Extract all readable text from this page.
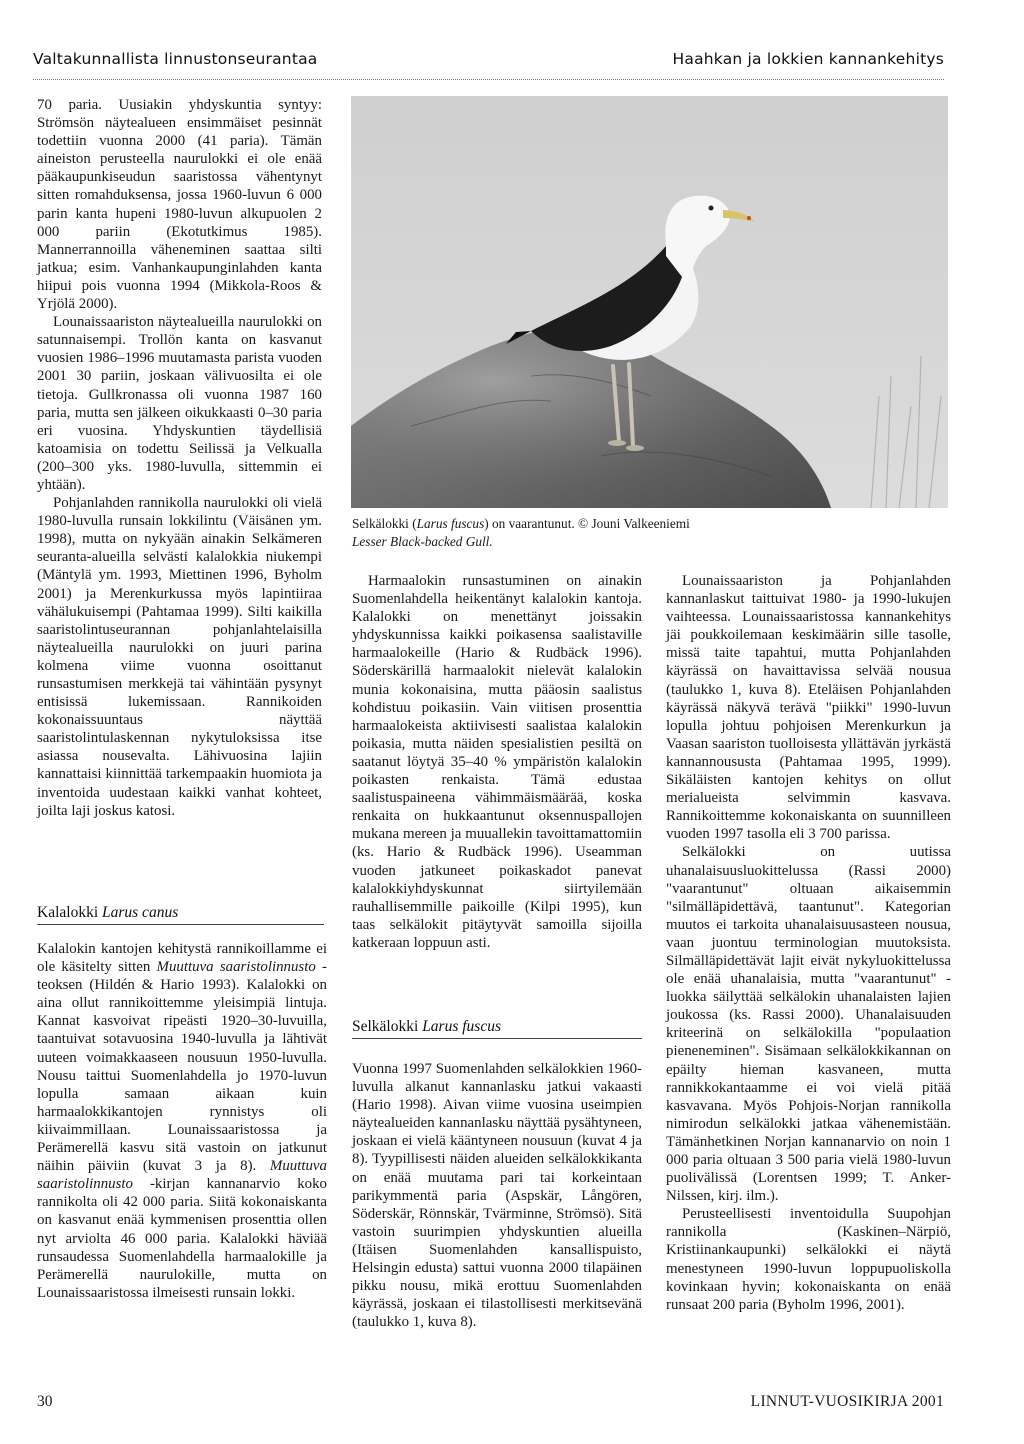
Valtakunnallista linnustonseurantaa	Haahkan ja lokkien kannankehitys

70 paria. Uusiakin yhdyskuntia syntyy: Strömsön näytealueen ensimmäiset pesinnät todettiin vuonna 2000 (41 paria). Tämän aineiston perusteella naurulokki ei ole enää pääkaupunkiseudun saaristossa vähentynyt sitten romahduksensa, jossa 1960-luvun 6 000 parin kanta hupeni 1980-luvun alkupuolen 2 000 pariin (Ekotutkimus 1985). Mannerrannoilla väheneminen saattaa silti jatkua; esim. Vanhankaupunginlahden kanta hiipui pois vuonna 1994 (Mikkola-Roos & Yrjölä 2000).

Lounaissaariston näytealueilla naurulokki on satunnaisempi. Trollön kanta on kasvanut vuosien 1986–1996 muutamasta parista vuoden 2001 30 pariin, joskaan välivuosilta ei ole tietoja. Gullkronassa oli vuonna 1987 160 paria, mutta sen jälkeen oikukkaasti 0–30 paria eri vuosina. Yhdyskuntien täydellisiä katoamisia on todettu Seilissä ja Velkualla (200–300 yks. 1980-luvulla, sittemmin ei yhtään).

Pohjanlahden rannikolla naurulokki oli vielä 1980-luvulla runsain lokkilintu (Väisänen ym. 1998), mutta on nykyään ainakin Selkämeren seuranta-alueilla selvästi kalalokkia niukempi (Mäntylä ym. 1993, Miettinen 1996, Byholm 2001) ja Merenkurkussa myös lapintiiraa vähälukuisempi (Pahtamaa 1999). Silti kaikilla saaristolintuseurannan pohjanlahtelaisilla näytealueilla naurulokki on juuri parina kolmena viime vuonna osoittanut runsastumisen merkkejä tai vähintään pysynyt entisissä lukemissaan. Rannikoiden kokonaissuuntaus näyttää saaristolintulaskennan nykytuloksissa itse asiassa nousevalta. Lähivuosina lajiin kannattaisi kiinnittää tarkempaakin huomiota ja inventoida uudestaan kaikki vanhat kohteet, joilta laji joskus katosi.

Kalalokki Larus canus

Kalalokin kantojen kehitystä rannikoillamme ei ole käsitelty sitten Muuttuva saaristolinnusto -teoksen (Hildén & Hario 1993). Kalalokki on aina ollut rannikoittemme yleisimpiä lintuja. Kannat kasvoivat ripeästi 1920–30-luvuilla, taantuivat sotavuosina 1940-luvulla ja lähtivät uuteen voimakkaaseen nousuun 1950-luvulla. Nousu taittui Suomenlahdella jo 1970-luvun lopulla samaan aikaan kuin harmaalokkikantojen rynnistys oli kiivaimmillaan. Lounaissaaristossa ja Perämerellä kasvu sitä vastoin on jatkunut näihin päiviin (kuvat 3 ja 8). Muuttuva saaristolinnusto -kirjan kannanarvio koko rannikolta oli 42 000 paria. Siitä kokonaiskanta on kasvanut enää kymmenisen prosenttia ollen nyt arviolta 46 000 paria. Kalalokki häviää runsaudessa Suomenlahdella harmaalokille ja Perämerellä naurulokille, mutta on Lounaissaaristossa ilmeisesti runsain lokki.

Selkälokki (Larus fuscus) on vaarantunut. © Jouni Valkeeniemi
Lesser Black-backed Gull.

Harmaalokin runsastuminen on ainakin Suomenlahdella heikentänyt kalalokin kantoja. Kalalokki on menettänyt joissakin yhdyskunnissa kaikki poikasensa saalistaville harmaalokeille (Hario & Rudbäck 1996). Söderskärillä harmaalokit nielevät kalalokin munia kokonaisina, mutta pääosin saalistus kohdistuu poikasiin. Vain viitisen prosenttia harmaalokeista aktiivisesti saalistaa kalalokin poikasia, mutta näiden spesialistien pesiltä on saatanut löytyä 35–40 % ympäristön kalalokin poikasten renkaista. Tämä edustaa saalistuspaineena vähimmäismäärää, koska renkaita on hukkaantunut oksennuspallojen mukana mereen ja muuallekin tavoittamattomiin (ks. Hario & Rudbäck 1996). Useamman vuoden jatkuneet poikaskadot panevat kalalokkiyhdyskunnat siirtyilemään rauhallisemmille paikoille (Kilpi 1995), kun taas selkälokit pitäytyvät samoilla sijoilla katkeraan loppuun asti.

Selkälokki Larus fuscus

Vuonna 1997 Suomenlahden selkälokkien 1960-luvulla alkanut kannanlasku jatkui vakaasti (Hario 1998). Aivan viime vuosina useimpien näytealueiden kannanlasku näyttää pysähtyneen, joskaan ei vielä kääntyneen nousuun (kuvat 4 ja 8). Tyypillisesti näiden alueiden selkälokkikanta on enää muutama pari tai korkeintaan parikymmentä paria (Aspskär, Långören, Söderskär, Rönnskär, Tvärminne, Strömsö). Sitä vastoin suurimpien yhdyskuntien alueilla (Itäisen Suomenlahden kansallispuisto, Helsingin edusta) sattui vuonna 2000 tilapäinen pikku nousu, mikä erottuu Suomenlahden käyrässä, joskaan ei tilastollisesti merkitsevänä (taulukko 1, kuva 8).

Lounaissaariston ja Pohjanlahden kannanlaskut taittuivat 1980- ja 1990-lukujen vaihteessa. Lounaissaaristossa kannankehitys jäi poukkoilemaan keskimäärin sille tasolle, missä taite tapahtui, mutta Pohjanlahden käyrässä on havaittavissa selvää nousua (taulukko 1, kuva 8). Eteläisen Pohjanlahden käyrässä näkyvä terävä "piikki" 1990-luvun lopulla johtuu pohjoisen Merenkurkun ja Vaasan saariston tuolloisesta yllättävän jyrkästä kannannoususta (Pahtamaa 1995, 1999). Sikäläisten kantojen kehitys on ollut merialueista selvimmin kasvava. Rannikoittemme kokonaiskanta on suunnilleen vuoden 1997 tasolla eli 3 700 parissa.

Selkälokki on uutissa uhanalaisuusluokittelussa (Rassi 2000) "vaarantunut" oltuaan aikaisemmin "silmälläpidettävä, taantunut". Kategorian muutos ei tarkoita uhanalaisuusasteen nousua, vaan juontuu terminologian muutoksista. Silmälläpidettävät lajit eivät nykyluokittelussa ole enää uhanalaisia, mutta "vaarantunut" -luokka säilyttää selkälokin uhanalaisten lajien joukossa (ks. Rassi 2000). Uhanalaisuuden kriteerinä on selkälokilla "populaation pieneneminen". Sisämaan selkälokkikannan on epäilty hieman kasvaneen, mutta rannikkokantaamme ei voi vielä pitää kasvavana. Myös Pohjois-Norjan rannikolla nimirodun selkälokki jatkaa vähenemistään. Tämänhetkinen Norjan kannanarvio on noin 1 000 paria oltuaan 3 500 paria vielä 1980-luvun puolivälissä (Lorentsen 1999; T. Anker-Nilssen, kirj. ilm.).

Perusteellisesti inventoidulla Suupohjan rannikolla (Kaskinen–Närpiö, Kristiinankaupunki) selkälokki ei näytä menestyneen 1990-luvun loppupuoliskolla kovinkaan hyvin; kokonaiskanta on enää runsaat 200 paria (Byholm 1996, 2001).

30	LINNUT-VUOSIKIRJA 2001
